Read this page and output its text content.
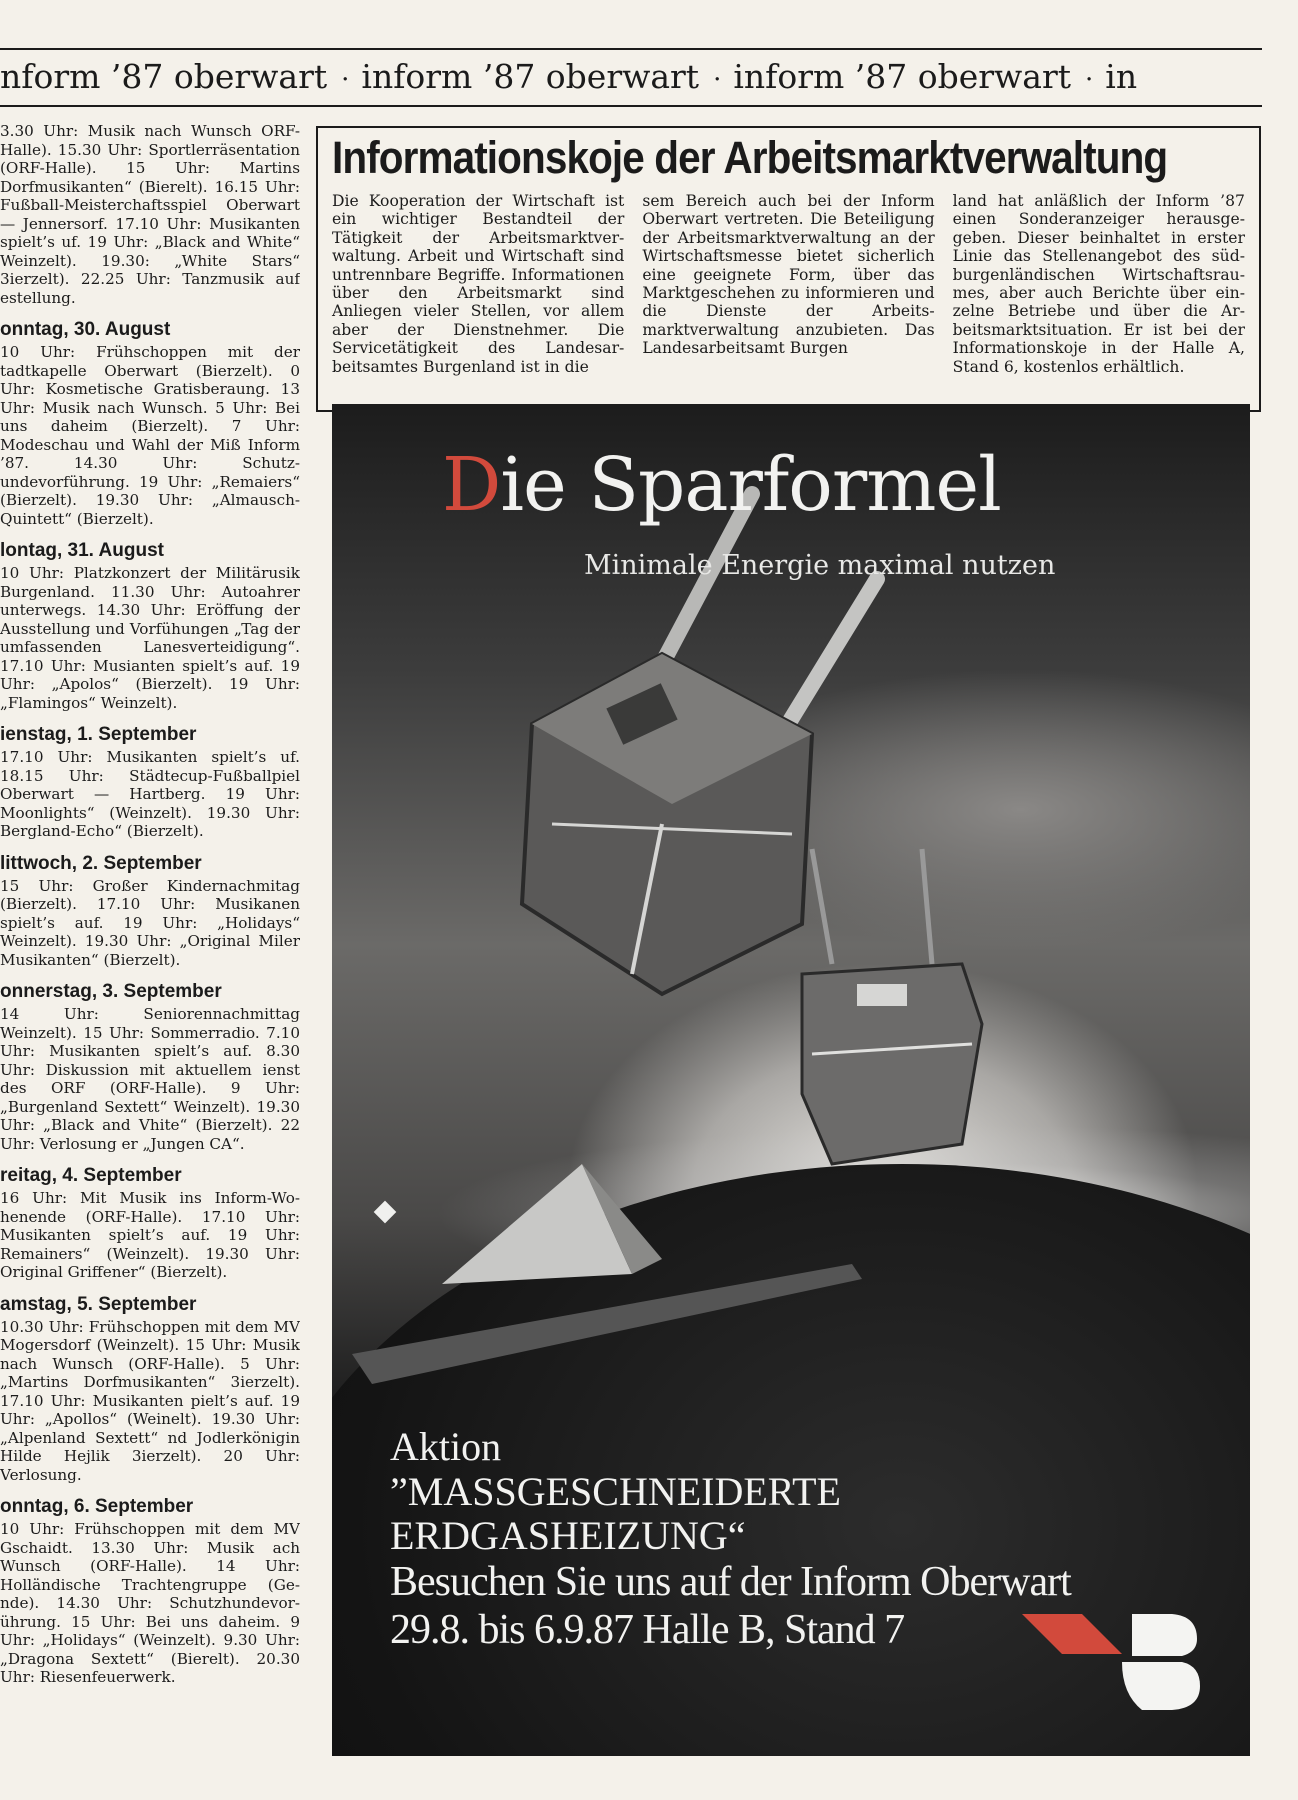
nform ’87 oberwart · inform ’87 oberwart · inform ’87 oberwart · in

3.30 Uhr: Musik nach Wunsch ORF-Halle). 15.30 Uhr: Sportlerräsentation (ORF-Halle). 15 Uhr: Martins Dorfmusikanten“ (Bierelt). 16.15 Uhr: Fußball-Meisterchaftsspiel Oberwart — Jennersorf. 17.10 Uhr: Musikanten spielt’s uf. 19 Uhr: „Black and White“ Weinzelt). 19.30: „White Stars“ 3ierzelt). 22.25 Uhr: Tanzmusik auf estellung.

onntag, 30. August

10 Uhr: Frühschoppen mit der tadtkapelle Oberwart (Bierzelt). 0 Uhr: Kosmetische Gratisberaung. 13 Uhr: Musik nach Wunsch. 5 Uhr: Bei uns daheim (Bierzelt). 7 Uhr: Modeschau und Wahl der Miß Inform ’87. 14.30 Uhr: Schutzundevorführung. 19 Uhr: „Remaiers“ (Bierzelt). 19.30 Uhr: „Almausch-Quintett“ (Bierzelt).

lontag, 31. August

10 Uhr: Platzkonzert der Militärusik Burgenland. 11.30 Uhr: Autoahrer unterwegs. 14.30 Uhr: Eröffung der Ausstellung und Vorfühungen „Tag der umfassenden Lanesverteidigung“. 17.10 Uhr: Musianten spielt’s auf. 19 Uhr: „Apolos“ (Bierzelt). 19 Uhr: „Flamingos“ Weinzelt).

ienstag, 1. September

17.10 Uhr: Musikanten spielt’s uf. 18.15 Uhr: Städtecup-Fußballpiel Oberwart — Hartberg. 19 Uhr: Moonlights“ (Weinzelt). 19.30 Uhr: Bergland-Echo“ (Bierzelt).

littwoch, 2. September

15 Uhr: Großer Kindernachmitag (Bierzelt). 17.10 Uhr: Musikanen spielt’s auf. 19 Uhr: „Holidays“ Weinzelt). 19.30 Uhr: „Original Miler Musikanten“ (Bierzelt).

onnerstag, 3. September

14 Uhr: Seniorennachmittag Weinzelt). 15 Uhr: Sommerradio. 7.10 Uhr: Musikanten spielt’s auf. 8.30 Uhr: Diskussion mit aktuellem ienst des ORF (ORF-Halle). 9 Uhr: „Burgenland Sextett“ Weinzelt). 19.30 Uhr: „Black and Vhite“ (Bierzelt). 22 Uhr: Verlosung er „Jungen CA“.

reitag, 4. September

16 Uhr: Mit Musik ins Inform-Wohenende (ORF-Halle). 17.10 Uhr: Musikanten spielt’s auf. 19 Uhr: Remainers“ (Weinzelt). 19.30 Uhr: Original Griffener“ (Bierzelt).

amstag, 5. September

10.30 Uhr: Frühschoppen mit dem MV Mogersdorf (Weinzelt). 15 Uhr: Musik nach Wunsch (ORF-Halle). 5 Uhr: „Martins Dorfmusikanten“ 3ierzelt). 17.10 Uhr: Musikanten pielt’s auf. 19 Uhr: „Apollos“ (Weinelt). 19.30 Uhr: „Alpenland Sextett“ nd Jodlerkönigin Hilde Hejlik 3ierzelt). 20 Uhr: Verlosung.

onntag, 6. September

10 Uhr: Frühschoppen mit dem MV Gschaidt. 13.30 Uhr: Musik ach Wunsch (ORF-Halle). 14 Uhr: Holländische Trachtengruppe (Gende). 14.30 Uhr: Schutzhundevorührung. 15 Uhr: Bei uns daheim. 9 Uhr: „Holidays“ (Weinzelt). 9.30 Uhr: „Dragona Sextett“ (Bierelt). 20.30 Uhr: Riesenfeuerwerk.

Informationskoje der Arbeitsmarktverwaltung

Die Kooperation der Wirtschaft ist ein wichtiger Bestandteil der Tätigkeit der Arbeitsmarktverwaltung. Arbeit und Wirtschaft sind untrennbare Begriffe. Informationen über den Arbeitsmarkt sind Anliegen vieler Stellen, vor allem aber der Dienstnehmer. Die Servicetätigkeit des Landesarbeitsamtes Burgenland ist in die

sem Bereich auch bei der Inform Oberwart vertreten. Die Beteiligung der Arbeitsmarktverwaltung an der Wirtschaftsmesse bietet sicherlich eine geeignete Form, über das Marktgeschehen zu informieren und die Dienste der Arbeitsmarktverwaltung anzubieten. Das Landesarbeitsamt Burgen

land hat anläßlich der Inform ’87 einen Sonderanzeiger herausgegeben. Dieser beinhaltet in erster Linie das Stellenangebot des südburgenländischen Wirtschaftsraumes, aber auch Berichte über einzelne Betriebe und über die Arbeitsmarktsituation. Er ist bei der Informationskoje in der Halle A, Stand 6, kostenlos erhältlich.

Die Sparformel
Minimale Energie maximal nutzen
Aktion
”MASSGESCHNEIDERTE
ERDGASHEIZUNG“
Besuchen Sie uns auf der Inform Oberwart
29.8. bis 6.9.87 Halle B, Stand 7
